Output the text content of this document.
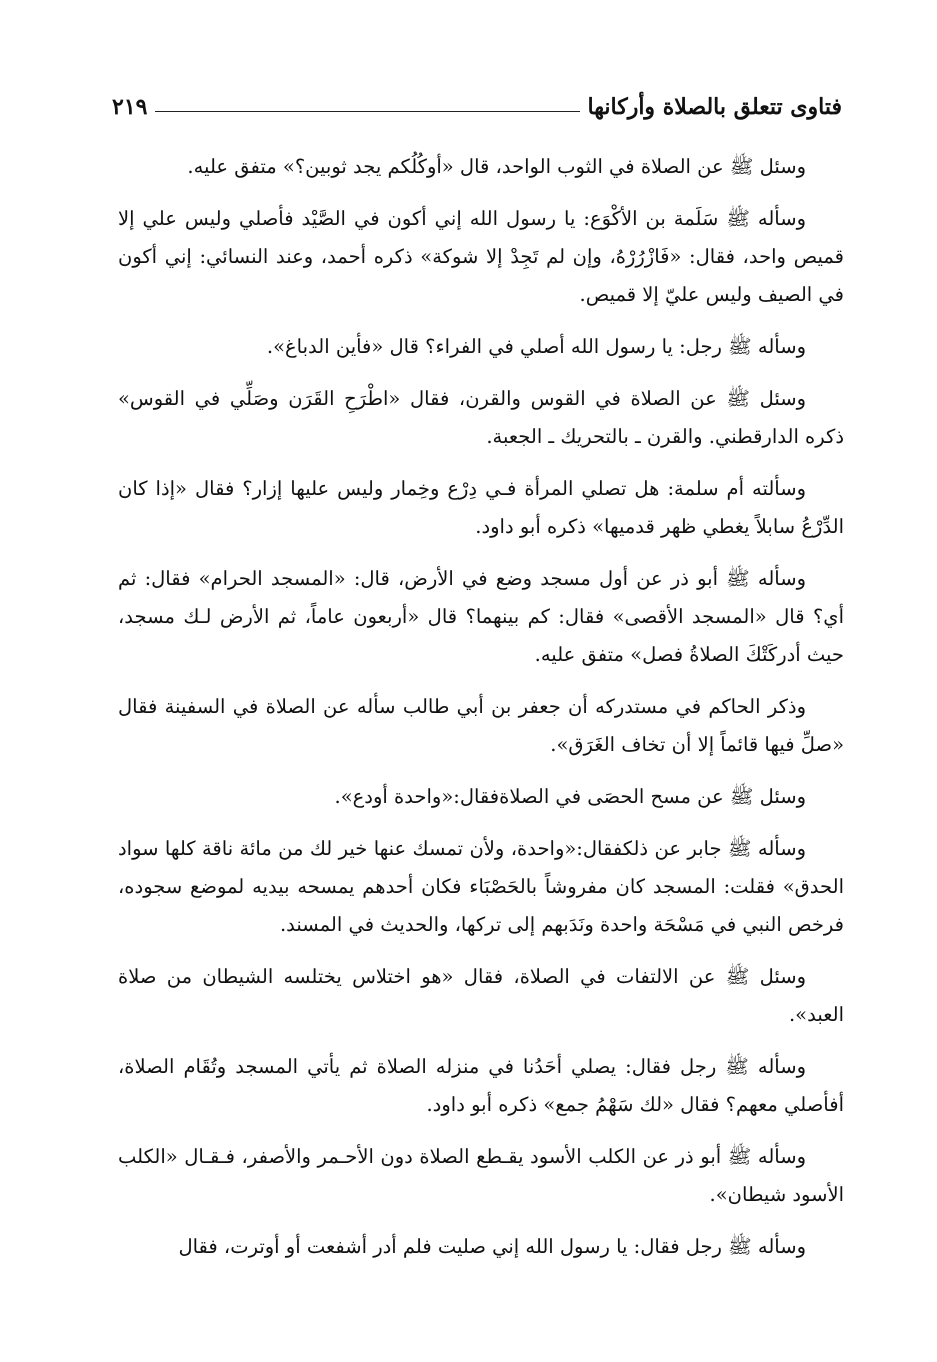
فتاوى تتعلق بالصلاة وأركانها
٢١٩

وسئل ﷺ عن الصلاة في الثوب الواحد، قال «أوكُلُكم يجد ثوبين؟» متفق عليه.

وسأله ﷺ سَلَمة بن الأكْوَع: يا رسول الله إني أكون في الصَّيْد فأصلي وليس علي إلا قميص واحد، فقال: «فَازْرُرْهُ، وإن لم تَجِدْ إلا شوكة» ذكره أحمد، وعند النسائي: إني أكون في الصيف وليس عليّ إلا قميص.

وسأله ﷺ رجل: يا رسول الله أصلي في الفراء؟ قال «فأين الدباغ».

وسئل ﷺ عن الصلاة في القوس والقرن، فقال «اطْرَحِ القَرَن وصَلِّي في القوس» ذكره الدارقطني. والقرن ـ بالتحريك ـ الجعبة.

وسألته أم سلمة: هل تصلي المرأة فـي دِرْع وخِمار وليس عليها إزار؟ فقال «إذا كان الدِّرْعُ سابلاً يغطي ظهر قدميها» ذكره أبو داود.

وسأله ﷺ أبو ذر عن أول مسجد وضع في الأرض، قال: «المسجد الحرام» فقال: ثم أي؟ قال «المسجد الأقصى» فقال: كم بينهما؟ قال «أربعون عاماً، ثم الأرض لـك مسجد، حيث أدركَتْكَ الصلاةُ فصل» متفق عليه.

وذكر الحاكم في مستدركه أن جعفر بن أبي طالب سأله عن الصلاة في السفينة فقال «صلِّ فيها قائماً إلا أن تخاف الغَرَق».

وسئل ﷺ عن مسح الحصَى في الصلاةفقال:«واحدة أودع».

وسأله ﷺ جابر عن ذلكفقال:«واحدة، ولأن تمسك عنها خير لك من مائة ناقة كلها سواد الحدق» فقلت: المسجد كان مفروشاً بالحَصْبَاء فكان أحدهم يمسحه بيديه لموضع سجوده، فرخص النبي في مَسْحَة واحدة ونَدَبهم إلى تركها، والحديث في المسند.

وسئل ﷺ عن الالتفات في الصلاة، فقال «هو اختلاس يختلسه الشيطان من صلاة العبد».

وسأله ﷺ رجل فقال: يصلي أحَدُنا في منزله الصلاة ثم يأتي المسجد وتُقَام الصلاة، أفأصلي معهم؟ فقال «لك سَهْمُ جمع» ذكره أبو داود.

وسأله ﷺ أبو ذر عن الكلب الأسود يقـطع الصلاة دون الأحـمر والأصفر، فـقـال «الكلب الأسود شيطان».

وسأله ﷺ رجل فقال: يا رسول الله إني صليت فلم أدر أشفعت أو أوترت، فقال
